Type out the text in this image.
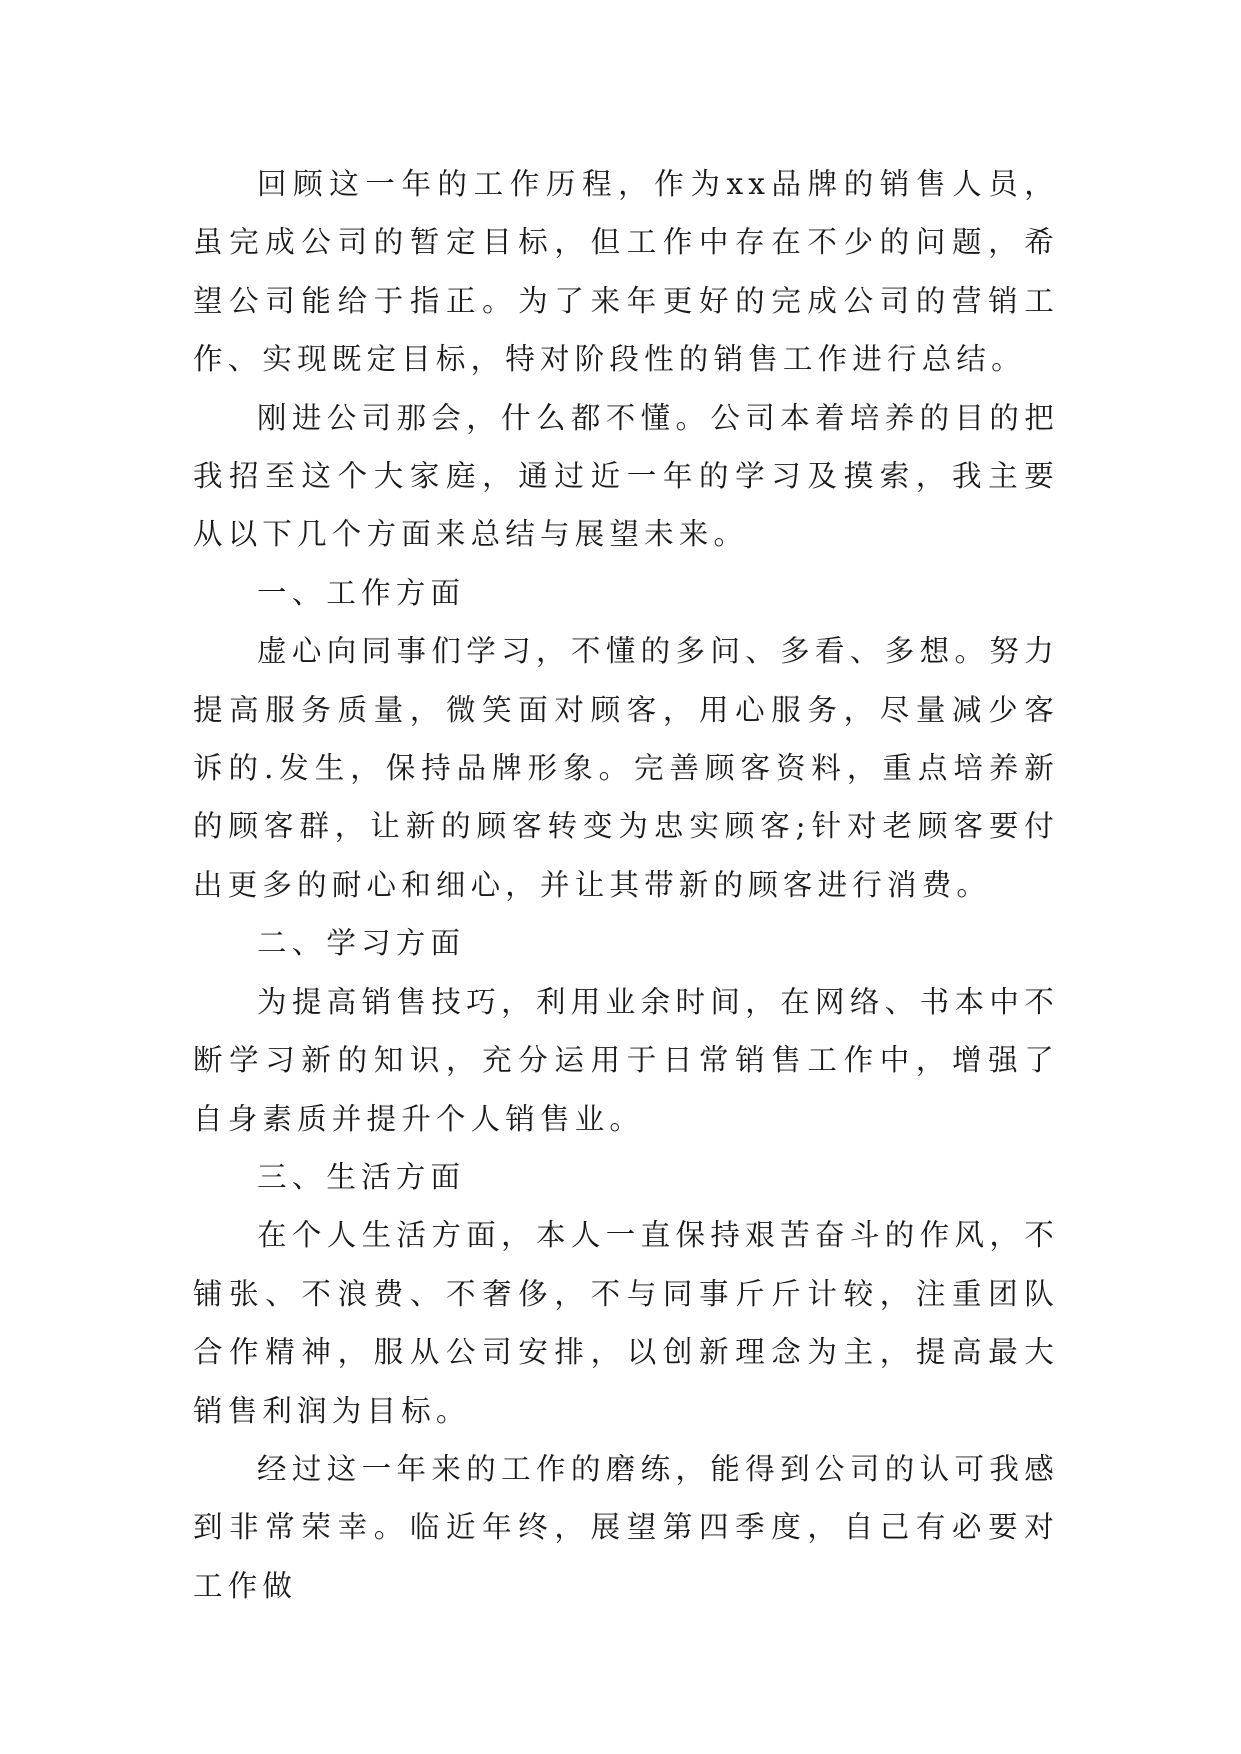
回顾这一年的工作历程，作为xx品牌的销售人员，虽完成公司的暂定目标，但工作中存在不少的问题，希望公司能给于指正。为了来年更好的完成公司的营销工作、实现既定目标，特对阶段性的销售工作进行总结。

刚进公司那会，什么都不懂。公司本着培养的目的把我招至这个大家庭，通过近一年的学习及摸索，我主要从以下几个方面来总结与展望未来。

一、工作方面

虚心向同事们学习，不懂的多问、多看、多想。努力提高服务质量，微笑面对顾客，用心服务，尽量减少客诉的.发生，保持品牌形象。完善顾客资料，重点培养新的顾客群，让新的顾客转变为忠实顾客;针对老顾客要付出更多的耐心和细心，并让其带新的顾客进行消费。

二、学习方面

为提高销售技巧，利用业余时间，在网络、书本中不断学习新的知识，充分运用于日常销售工作中，增强了自身素质并提升个人销售业。

三、生活方面

在个人生活方面，本人一直保持艰苦奋斗的作风，不铺张、不浪费、不奢侈，不与同事斤斤计较，注重团队合作精神，服从公司安排，以创新理念为主，提高最大销售利润为目标。

经过这一年来的工作的磨练，能得到公司的认可我感到非常荣幸。临近年终，展望第四季度，自己有必要对工作做
